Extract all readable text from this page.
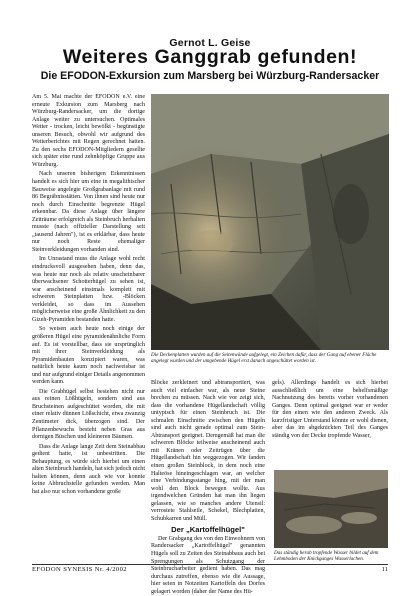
Gernot L. Geise
Weiteres Ganggrab gefunden!
Die EFODON-Exkursion zum Marsberg bei Würzburg-Randersacker

Am 5. Mai machte der EFODON e.V. eine erneute Exkursion zum Marsberg nach Würzburg-Randersacker, um die dortige Anlage weiter zu untersuchen. Optimales Wetter - trocken, leicht bewölkt - begünstigte unseren Besuch, obwohl wir aufgrund des Wetterberichtes mit Regen gerechnet hatten. Zu den sechs EFODON-Mitgliedern gesellte sich später eine rund zehnköpfige Gruppe aus Würzburg.

Nach unseren bisherigen Erkenntnissen handelt es sich hier um eine in megalithischer Bauweise angelegte Großgrabanlage mit rund 86 Begräbnisstätten. Von ihnen sind heute nur noch durch Einschnitte begrenzte Hügel erkennbar. Da diese Anlage über längere Zeiträume erfolgreich als Steinbruch herhalten musste (nach offizieller Darstellung seit „tausend Jahren"), ist es erklärbar, dass heute nur noch Reste ehemaliger Steinverkleidungen vorhanden sind.

Im Unrastand muss die Anlage wohl recht eindrucksvoll ausgesehen haben, denn das, was heute nur noch als relativ unscheinbarer überwachsener Schotterhügel zu sehen ist, war anscheinend einstmals komplett mit schweren Steinplatten bzw. -Blöcken verkleidet, so dass im Aussehen möglicherweise eine große Ähnlichkeit zu den Gizeh-Pyramiden bestanden hatte.

So weisen auch heute noch einige der größeren Hügel eine pyramidenähnliche Form auf. Es ist vorstellbar, dass sie ursprünglich mit ihrer Steinverkleidung als Pyramidenbauten konzipiert waren, was natürlich heute kaum noch nachweisbar ist und nur aufgrund einiger Details angenommen werden kann.

Die Grabhügel selbst bestehen nicht nur aus reinen Lößhügeln, sondern sind aus Bruchsteinen aufgeschüttet worden, die mit einer relativ dünnen Lößschicht, etwa zwanzig Zentimeter dick, überzogen sind. Der Pflanzenbewuchs besteht neben Gras aus dornigen Büschen und kleineren Bäumen.

Dass die Anlage lange Zeit dem Steinabbau gedient hatte, ist unbestritten. Die Behauptung, es würde sich hierbei um einen alten Steinbruch handeln, hat sich jedoch nicht halten können, denn auch wie vor konnte keine Abbruchstelle gefunden werden. Man hat also nur schon vorhandene große

Die Deckenplatten wurden auf die Seitenwände aufgelegt, ein Zeichen dafür, dass der Gang auf ebener Fläche angelegt wurden und der umgebende Hügel erst danach angeschüttet worden ist.

Blöcke zerkleinert und abtransportiert, was auch viel einfacher war, als neue Steine brechen zu müssen. Nach wie vor zeigt sich, dass die vorhandene Hügellandschaft völlig untypisch für einen Steinbruch ist. Die schmalen Einschnitte zwischen den Hügeln sind auch nicht gerade optimal zum Stein-Abtransport geeignet. Demgemäß hat man die schweren Blöcke teilweise anscheinend auch mit Kränen oder Zeitrügen über die Hügellandschaft hin weggezogen. Wir fanden einen großen Steinblock, in dem noch eine Halteöse hineingeschlagen war, an welcher eine Verbindungsstange hing, mit der man wohl den Block bewegen wollte. Aus irgendwelchen Gründen hat man ihn liegen gelassen, wie so manches andere Utensil: verrostete Stahlseile, Schekel, Blechplatten, Schubkarren und Müll.

Der „Kartoffelhügel"

Der Grabgang des von den Einwohnern von Randersacker „Kartoffelhügel" genannten Hügels soll zu Zeiten des Steinabbaus auch bei Sprengungen als Schutzgang der Steinbrucharbeiter gedient haben. Das mag durchaus zutreffen, ebenso wie die Aussage, hier seien in Notzeiten Kartoffeln des Dorfes gelagert worden (daher der Name des Hü-

gels). Allerdings handelt es sich hierbei ausschließlich um eine behelfsmäßige Nachnutzung des bereits vorher vorhandenen Ganges. Denn optimal geeignet war er weder für den einen wie den anderen Zweck. Als kurzfristiger Unterstand könnte er wohl dienen, aber das im abgeknickten Teil des Ganges ständig von der Decke tropfende Wasser,

Das ständig herab tropfende Wasser bildet auf dem Lehmboden der Knickganges Wasserlachen.
EFODON SYNESIS Nr. 4/2002	11
